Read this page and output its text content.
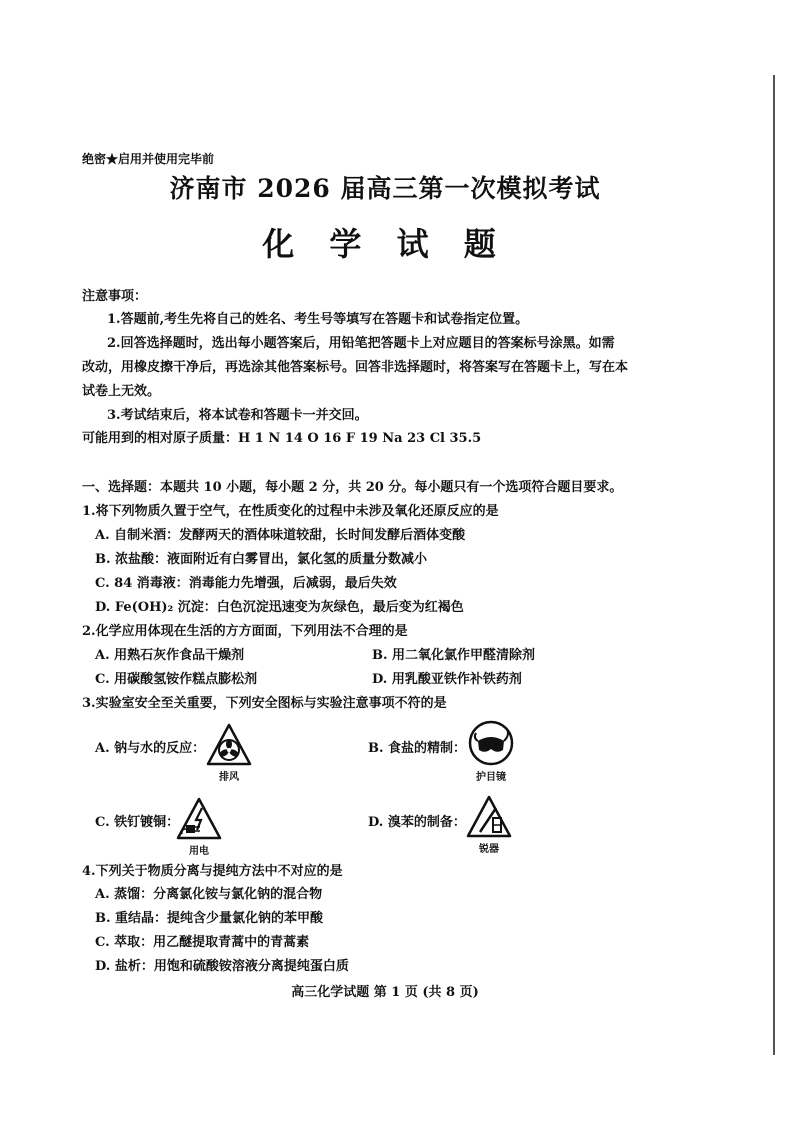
绝密★启用并使用完毕前
济南市 2026 届高三第一次模拟考试
化 学 试 题
注意事项：
1.答题前,考生先将自己的姓名、考生号等填写在答题卡和试卷指定位置。
2.回答选择题时，选出每小题答案后，用铅笔把答题卡上对应题目的答案标号涂黑。如需
改动，用橡皮擦干净后，再选涂其他答案标号。回答非选择题时，将答案写在答题卡上，写在本
试卷上无效。
3.考试结束后，将本试卷和答题卡一并交回。
可能用到的相对原子质量：H 1 N 14 O 16 F 19 Na 23 Cl 35.5
一、选择题：本题共 10 小题，每小题 2 分，共 20 分。每小题只有一个选项符合题目要求。
1.将下列物质久置于空气，在性质变化的过程中未涉及氧化还原反应的是
A. 自制米酒：发酵两天的酒体味道较甜，长时间发酵后酒体变酸
B. 浓盐酸：液面附近有白雾冒出，氯化氢的质量分数减小
C. 84 消毒液：消毒能力先增强，后减弱，最后失效
D. Fe(OH)₂ 沉淀：白色沉淀迅速变为灰绿色，最后变为红褐色
2.化学应用体现在生活的方方面面，下列用法不合理的是
A. 用熟石灰作食品干燥剂	B. 用二氧化氯作甲醛清除剂
C. 用碳酸氢铵作糕点膨松剂	D. 用乳酸亚铁作补铁药剂
3.实验室安全至关重要，下列安全图标与实验注意事项不符的是
A. 钠与水的反应：
排风
B. 食盐的精制：
护目镜
C. 铁钉镀铜：
用电
D. 溴苯的制备：
锐器
4.下列关于物质分离与提纯方法中不对应的是
A. 蒸馏：分离氯化铵与氯化钠的混合物
B. 重结晶：提纯含少量氯化钠的苯甲酸
C. 萃取：用乙醚提取青蒿中的青蒿素
D. 盐析：用饱和硫酸铵溶液分离提纯蛋白质
高三化学试题 第 1 页 (共 8 页)
